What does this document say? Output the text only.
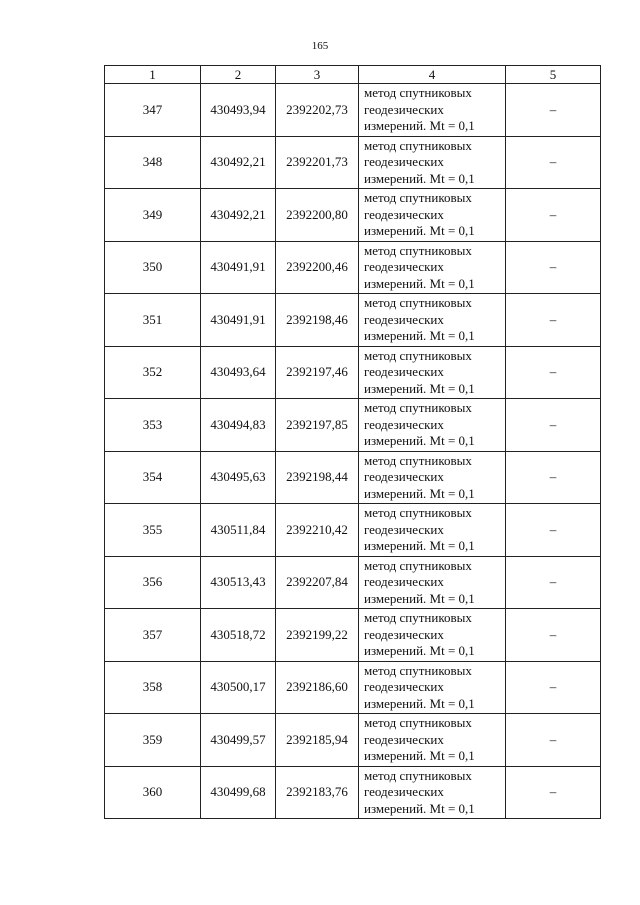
165
1	2	3	4	5
347	430493,94	2392202,73	метод спутниковых
геодезических
измерений. Mt = 0,1	–
348	430492,21	2392201,73	метод спутниковых
геодезических
измерений. Mt = 0,1	–
349	430492,21	2392200,80	метод спутниковых
геодезических
измерений. Mt = 0,1	–
350	430491,91	2392200,46	метод спутниковых
геодезических
измерений. Mt = 0,1	–
351	430491,91	2392198,46	метод спутниковых
геодезических
измерений. Mt = 0,1	–
352	430493,64	2392197,46	метод спутниковых
геодезических
измерений. Mt = 0,1	–
353	430494,83	2392197,85	метод спутниковых
геодезических
измерений. Mt = 0,1	–
354	430495,63	2392198,44	метод спутниковых
геодезических
измерений. Mt = 0,1	–
355	430511,84	2392210,42	метод спутниковых
геодезических
измерений. Mt = 0,1	–
356	430513,43	2392207,84	метод спутниковых
геодезических
измерений. Mt = 0,1	–
357	430518,72	2392199,22	метод спутниковых
геодезических
измерений. Mt = 0,1	–
358	430500,17	2392186,60	метод спутниковых
геодезических
измерений. Mt = 0,1	–
359	430499,57	2392185,94	метод спутниковых
геодезических
измерений. Mt = 0,1	–
360	430499,68	2392183,76	метод спутниковых
геодезических
измерений. Mt = 0,1	–
